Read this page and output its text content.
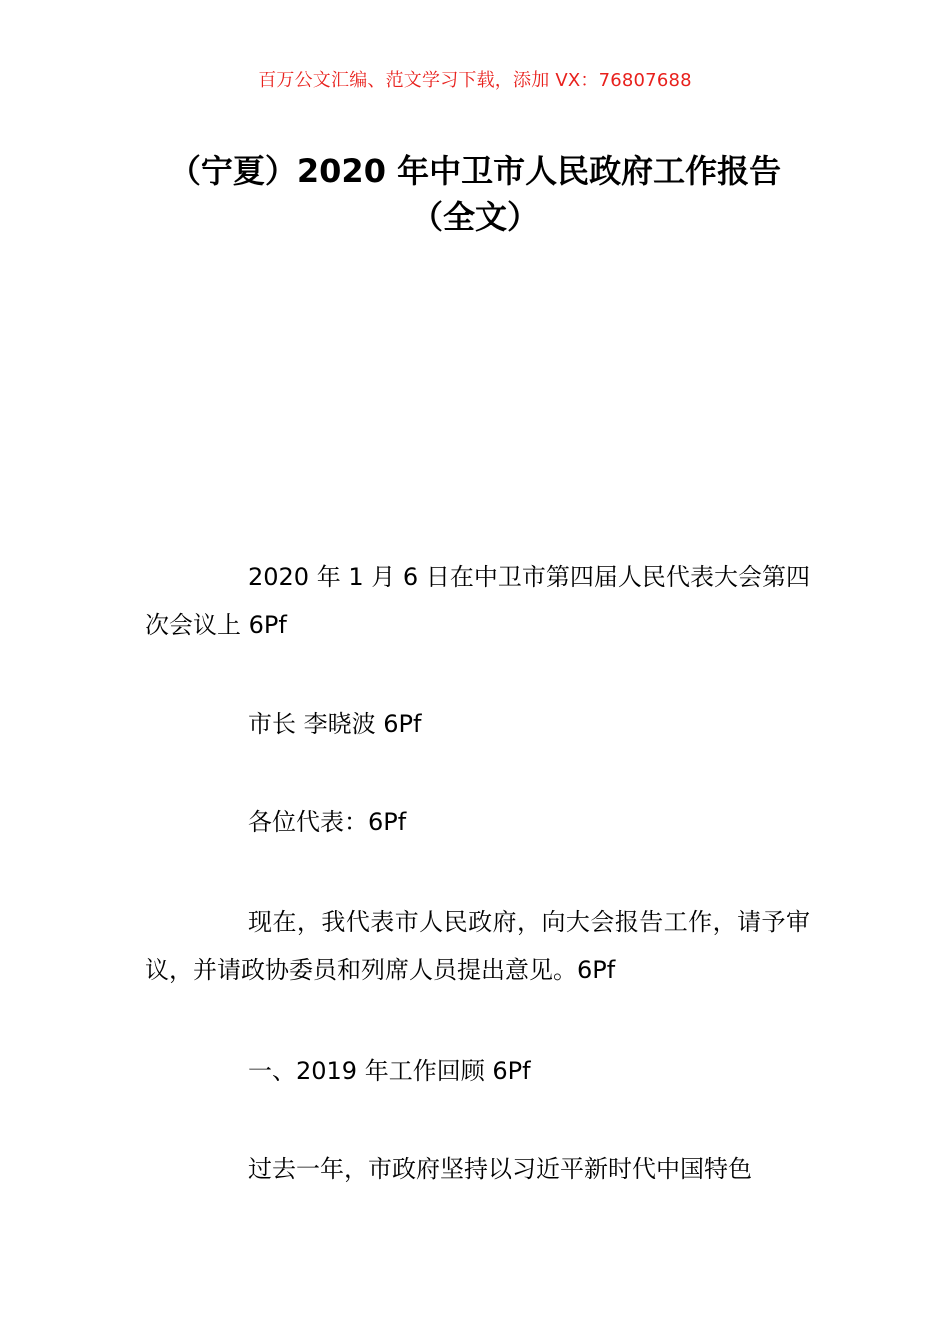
百万公文汇编、范文学习下载，添加 VX：76807688
（宁夏）2020 年中卫市人民政府工作报告
（全文）

2020 年 1 月 6 日在中卫市第四届人民代表大会第四次会议上 6Pf

市长 李晓波 6Pf

各位代表：6Pf

现在，我代表市人民政府，向大会报告工作，请予审议，并请政协委员和列席人员提出意见。6Pf

一、2019 年工作回顾 6Pf

过去一年，市政府坚持以习近平新时代中国特色
